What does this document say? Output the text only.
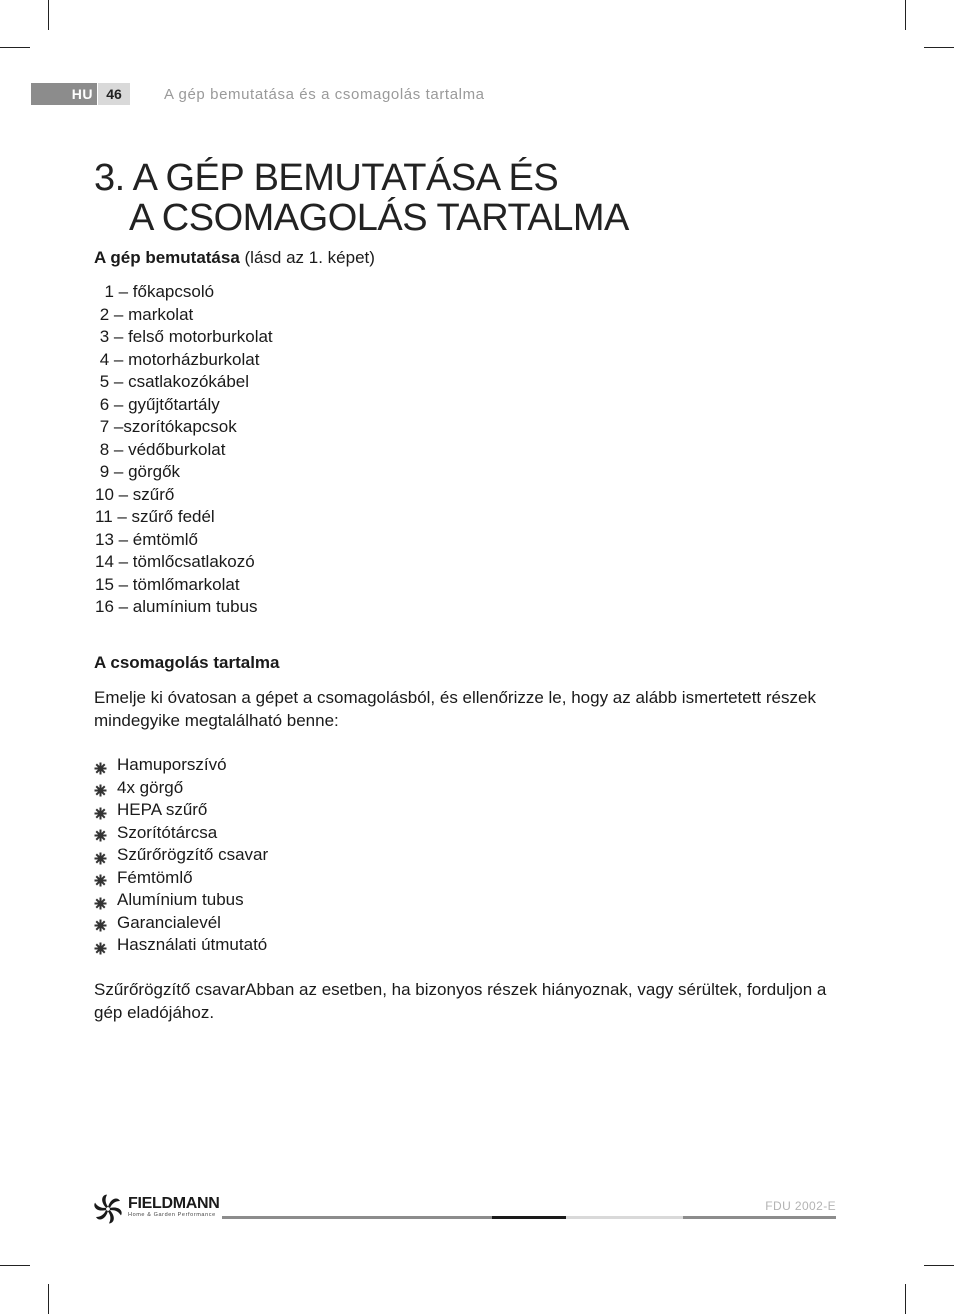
HU 46	A gép bemutatása és a csomagolás tartalma
3. A GÉP BEMUTATÁSA ÉS
A CSOMAGOLÁS TARTALMA
A gép bemutatása (lásd az 1. képet)
1 – főkapcsoló
2 – markolat
3 – felső motorburkolat
4 – motorházburkolat
5 – csatlakozókábel
6 – gyűjtőtartály
7 –szorítókapcsok
8 – védőburkolat
9 – görgők
10 – szűrő
11 – szűrő fedél
13 – émtömlő
14 – tömlőcsatlakozó
15 – tömlőmarkolat
16 – alumínium tubus
A csomagolás tartalma

Emelje ki óvatosan a gépet a csomagolásból, és ellenőrizze le, hogy az alább ismertetett részek mindegyike megtalálható benne:

Hamuporszívó
4x görgő
HEPA szűrő
Szorítótárcsa
Szűrőrögzítő csavar
Fémtömlő
Alumínium tubus
Garancialevél
Használati útmutató

Szűrőrögzítő csavarAbban az esetben, ha bizonyos részek hiányoznak, vagy sérültek, forduljon a gép eladójához.

FIELDMANN
Home & Garden Performance
FDU 2002-E
